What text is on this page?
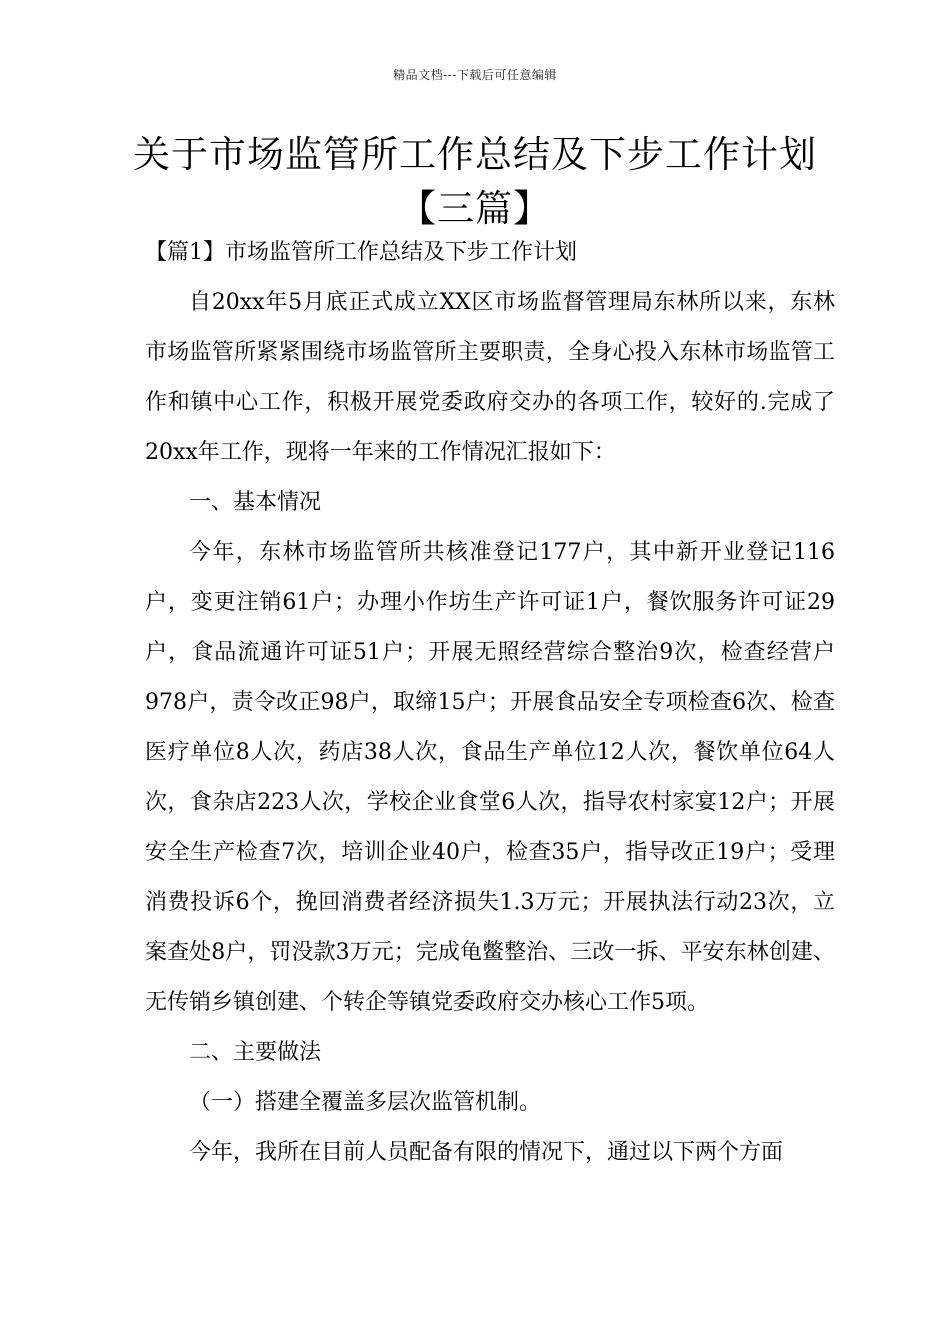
精品文档---下载后可任意编辑
关于市场监管所工作总结及下步工作计划【三篇】

【篇1】市场监管所工作总结及下步工作计划

自20xx年5月底正式成立XX区市场监督管理局东林所以来，东林市场监管所紧紧围绕市场监管所主要职责，全身心投入东林市场监管工作和镇中心工作，积极开展党委政府交办的各项工作，较好的.完成了20xx年工作，现将一年来的工作情况汇报如下：

一、基本情况

今年，东林市场监管所共核准登记177户，其中新开业登记116户，变更注销61户；办理小作坊生产许可证1户，餐饮服务许可证29户，食品流通许可证51户；开展无照经营综合整治9次，检查经营户978户，责令改正98户，取缔15户；开展食品安全专项检查6次、检查医疗单位8人次，药店38人次，食品生产单位12人次，餐饮单位64人次，食杂店223人次，学校企业食堂6人次，指导农村家宴12户；开展安全生产检查7次，培训企业40户，检查35户，指导改正19户；受理消费投诉6个，挽回消费者经济损失1.3万元；开展执法行动23次，立案查处8户，罚没款3万元；完成龟鳖整治、三改一拆、平安东林创建、无传销乡镇创建、个转企等镇党委政府交办核心工作5项。

二、主要做法

（一）搭建全覆盖多层次监管机制。

今年，我所在目前人员配备有限的情况下，通过以下两个方面
